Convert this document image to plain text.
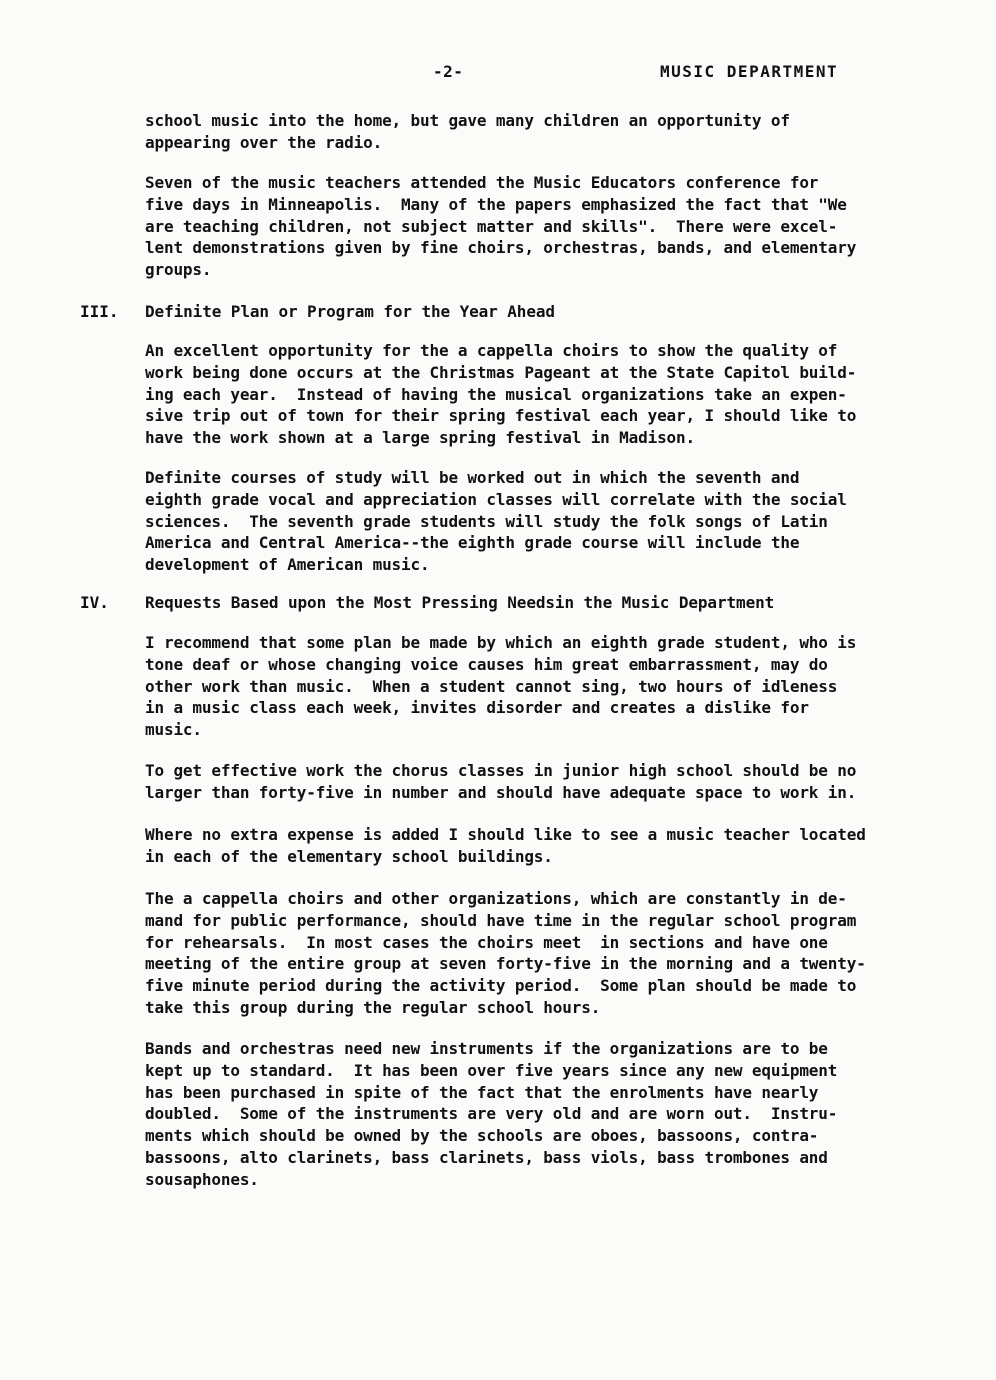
-2-	MUSIC DEPARTMENT

school music into the home, but gave many children an opportunity of
appearing over the radio.

Seven of the music teachers attended the Music Educators conference for
five days in Minneapolis.  Many of the papers emphasized the fact that "We
are teaching children, not subject matter and skills".  There were excel-
lent demonstrations given by fine choirs, orchestras, bands, and elementary
groups.

III. Definite Plan or Program for the Year Ahead

An excellent opportunity for the a cappella choirs to show the quality of
work being done occurs at the Christmas Pageant at the State Capitol build-
ing each year.  Instead of having the musical organizations take an expen-
sive trip out of town for their spring festival each year, I should like to
have the work shown at a large spring festival in Madison.

Definite courses of study will be worked out in which the seventh and
eighth grade vocal and appreciation classes will correlate with the social
sciences.  The seventh grade students will study the folk songs of Latin
America and Central America--the eighth grade course will include the
development of American music.

IV. Requests Based upon the Most Pressing Needsin the Music Department

I recommend that some plan be made by which an eighth grade student, who is
tone deaf or whose changing voice causes him great embarrassment, may do
other work than music.  When a student cannot sing, two hours of idleness
in a music class each week, invites disorder and creates a dislike for
music.

To get effective work the chorus classes in junior high school should be no
larger than forty-five in number and should have adequate space to work in.

Where no extra expense is added I should like to see a music teacher located
in each of the elementary school buildings.

The a cappella choirs and other organizations, which are constantly in de-
mand for public performance, should have time in the regular school program
for rehearsals.  In most cases the choirs meet  in sections and have one
meeting of the entire group at seven forty-five in the morning and a twenty-
five minute period during the activity period.  Some plan should be made to
take this group during the regular school hours.

Bands and orchestras need new instruments if the organizations are to be
kept up to standard.  It has been over five years since any new equipment
has been purchased in spite of the fact that the enrolments have nearly
doubled.  Some of the instruments are very old and are worn out.  Instru-
ments which should be owned by the schools are oboes, bassoons, contra-
bassoons, alto clarinets, bass clarinets, bass viols, bass trombones and
sousaphones.
